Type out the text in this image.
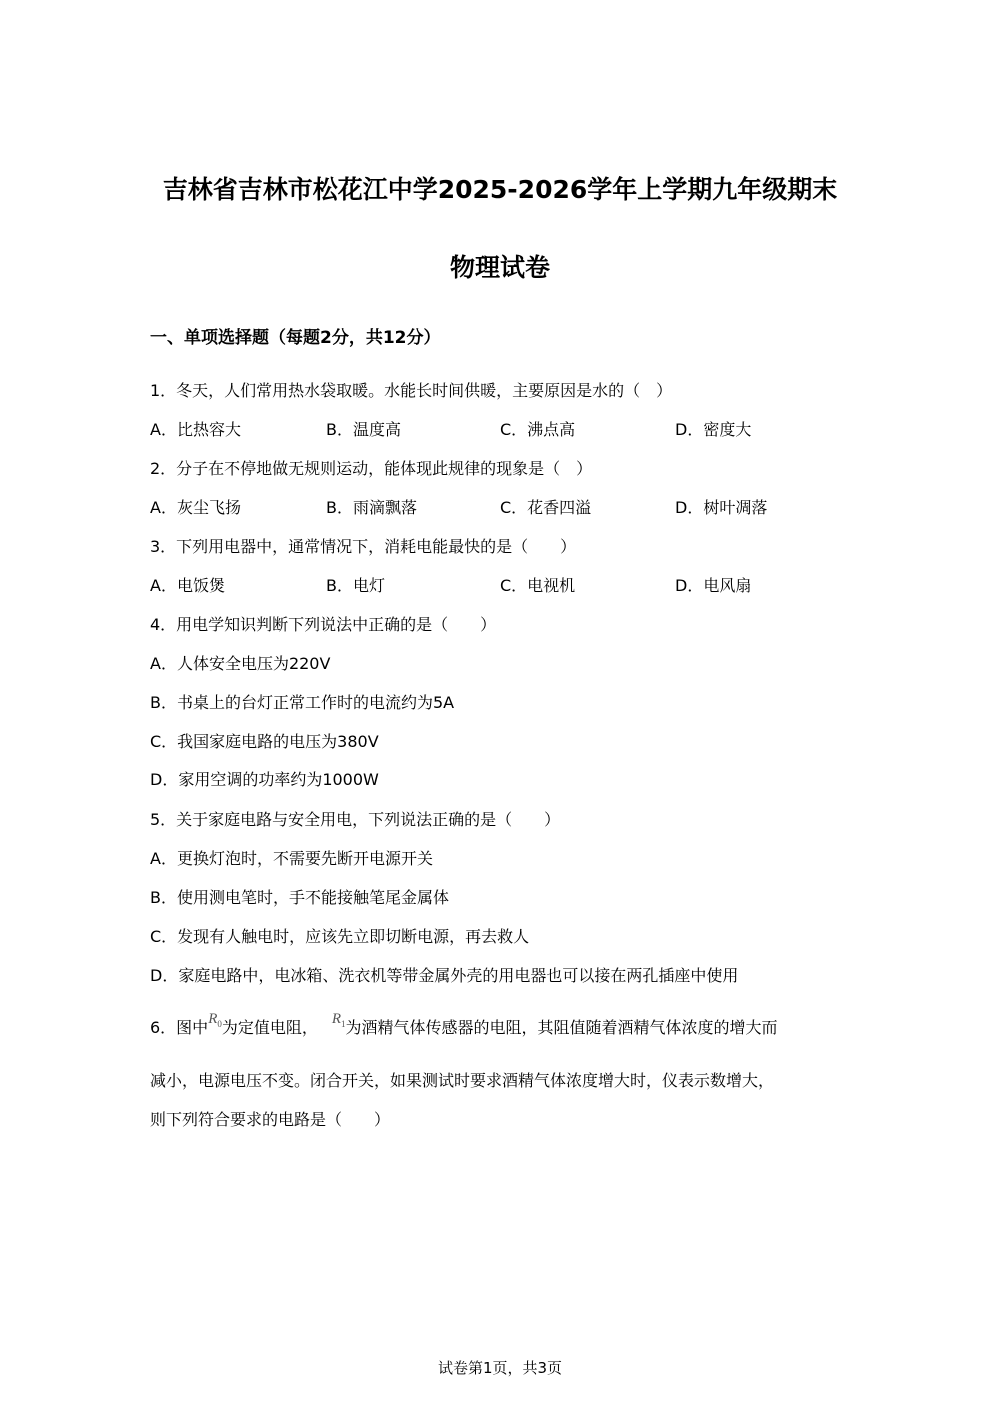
吉林省吉林市松花江中学2025-2026学年上学期九年级期末
物理试卷
一、单项选择题（每题2分，共12分）
1．冬天，人们常用热水袋取暖。水能长时间供暖，主要原因是水的（　）
A．比热容大	B．温度高	C．沸点高	D．密度大
2．分子在不停地做无规则运动，能体现此规律的现象是（　）
A．灰尘飞扬	B．雨滴飘落	C．花香四溢	D．树叶凋落
3．下列用电器中，通常情况下，消耗电能最快的是（　　）
A．电饭煲	B．电灯	C．电视机	D．电风扇
4．用电学知识判断下列说法中正确的是（　　）
A．人体安全电压为220V
B．书桌上的台灯正常工作时的电流约为5A
C．我国家庭电路的电压为380V
D．家用空调的功率约为1000W
5．关于家庭电路与安全用电，下列说法正确的是（　　）
A．更换灯泡时，不需要先断开电源开关
B．使用测电笔时，手不能接触笔尾金属体
C．发现有人触电时，应该先立即切断电源，再去救人
D．家庭电路中，电冰箱、洗衣机等带金属外壳的用电器也可以接在两孔插座中使用
6．图中$R_0$为定值电阻， $R_1$为酒精气体传感器的电阻，其阻值随着酒精气体浓度的增大而
减小，电源电压不变。闭合开关，如果测试时要求酒精气体浓度增大时，仪表示数增大，
则下列符合要求的电路是（　　）
试卷第1页，共3页
